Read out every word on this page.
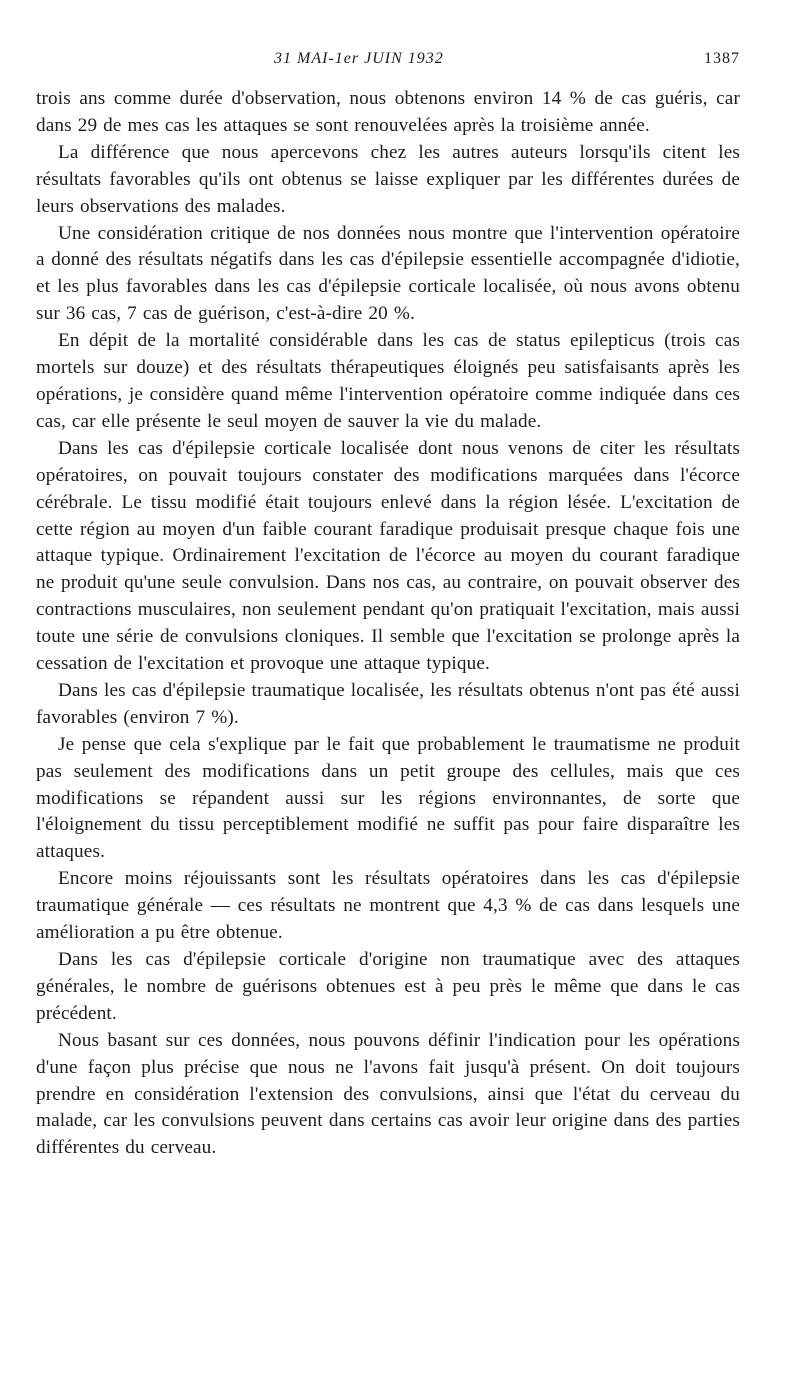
31 MAI-1er JUIN 1932	1387

trois ans comme durée d'observation, nous obtenons environ 14 % de cas guéris, car dans 29 de mes cas les attaques se sont renouvelées après la troisième année.

La différence que nous apercevons chez les autres auteurs lorsqu'ils citent les résultats favorables qu'ils ont obtenus se laisse expliquer par les différentes durées de leurs observations des malades.

Une considération critique de nos données nous montre que l'intervention opératoire a donné des résultats négatifs dans les cas d'épilepsie essentielle accompagnée d'idiotie, et les plus favorables dans les cas d'épilepsie corticale localisée, où nous avons obtenu sur 36 cas, 7 cas de guérison, c'est-à-dire 20 %.

En dépit de la mortalité considérable dans les cas de status epilepticus (trois cas mortels sur douze) et des résultats thérapeutiques éloignés peu satisfaisants après les opérations, je considère quand même l'intervention opératoire comme indiquée dans ces cas, car elle présente le seul moyen de sauver la vie du malade.

Dans les cas d'épilepsie corticale localisée dont nous venons de citer les résultats opératoires, on pouvait toujours constater des modifications marquées dans l'écorce cérébrale. Le tissu modifié était toujours enlevé dans la région lésée. L'excitation de cette région au moyen d'un faible courant faradique produisait presque chaque fois une attaque typique. Ordinairement l'excitation de l'écorce au moyen du courant faradique ne produit qu'une seule convulsion. Dans nos cas, au contraire, on pouvait observer des contractions musculaires, non seulement pendant qu'on pratiquait l'excitation, mais aussi toute une série de convulsions cloniques. Il semble que l'excitation se prolonge après la cessation de l'excitation et provoque une attaque typique.

Dans les cas d'épilepsie traumatique localisée, les résultats obtenus n'ont pas été aussi favorables (environ 7 %).

Je pense que cela s'explique par le fait que probablement le traumatisme ne produit pas seulement des modifications dans un petit groupe des cellules, mais que ces modifications se répandent aussi sur les régions environnantes, de sorte que l'éloignement du tissu perceptiblement modifié ne suffit pas pour faire disparaître les attaques.

Encore moins réjouissants sont les résultats opératoires dans les cas d'épilepsie traumatique générale — ces résultats ne montrent que 4,3 % de cas dans lesquels une amélioration a pu être obtenue.

Dans les cas d'épilepsie corticale d'origine non traumatique avec des attaques générales, le nombre de guérisons obtenues est à peu près le même que dans le cas précédent.

Nous basant sur ces données, nous pouvons définir l'indication pour les opérations d'une façon plus précise que nous ne l'avons fait jusqu'à présent. On doit toujours prendre en considération l'extension des convulsions, ainsi que l'état du cerveau du malade, car les convulsions peuvent dans certains cas avoir leur origine dans des parties différentes du cerveau.
